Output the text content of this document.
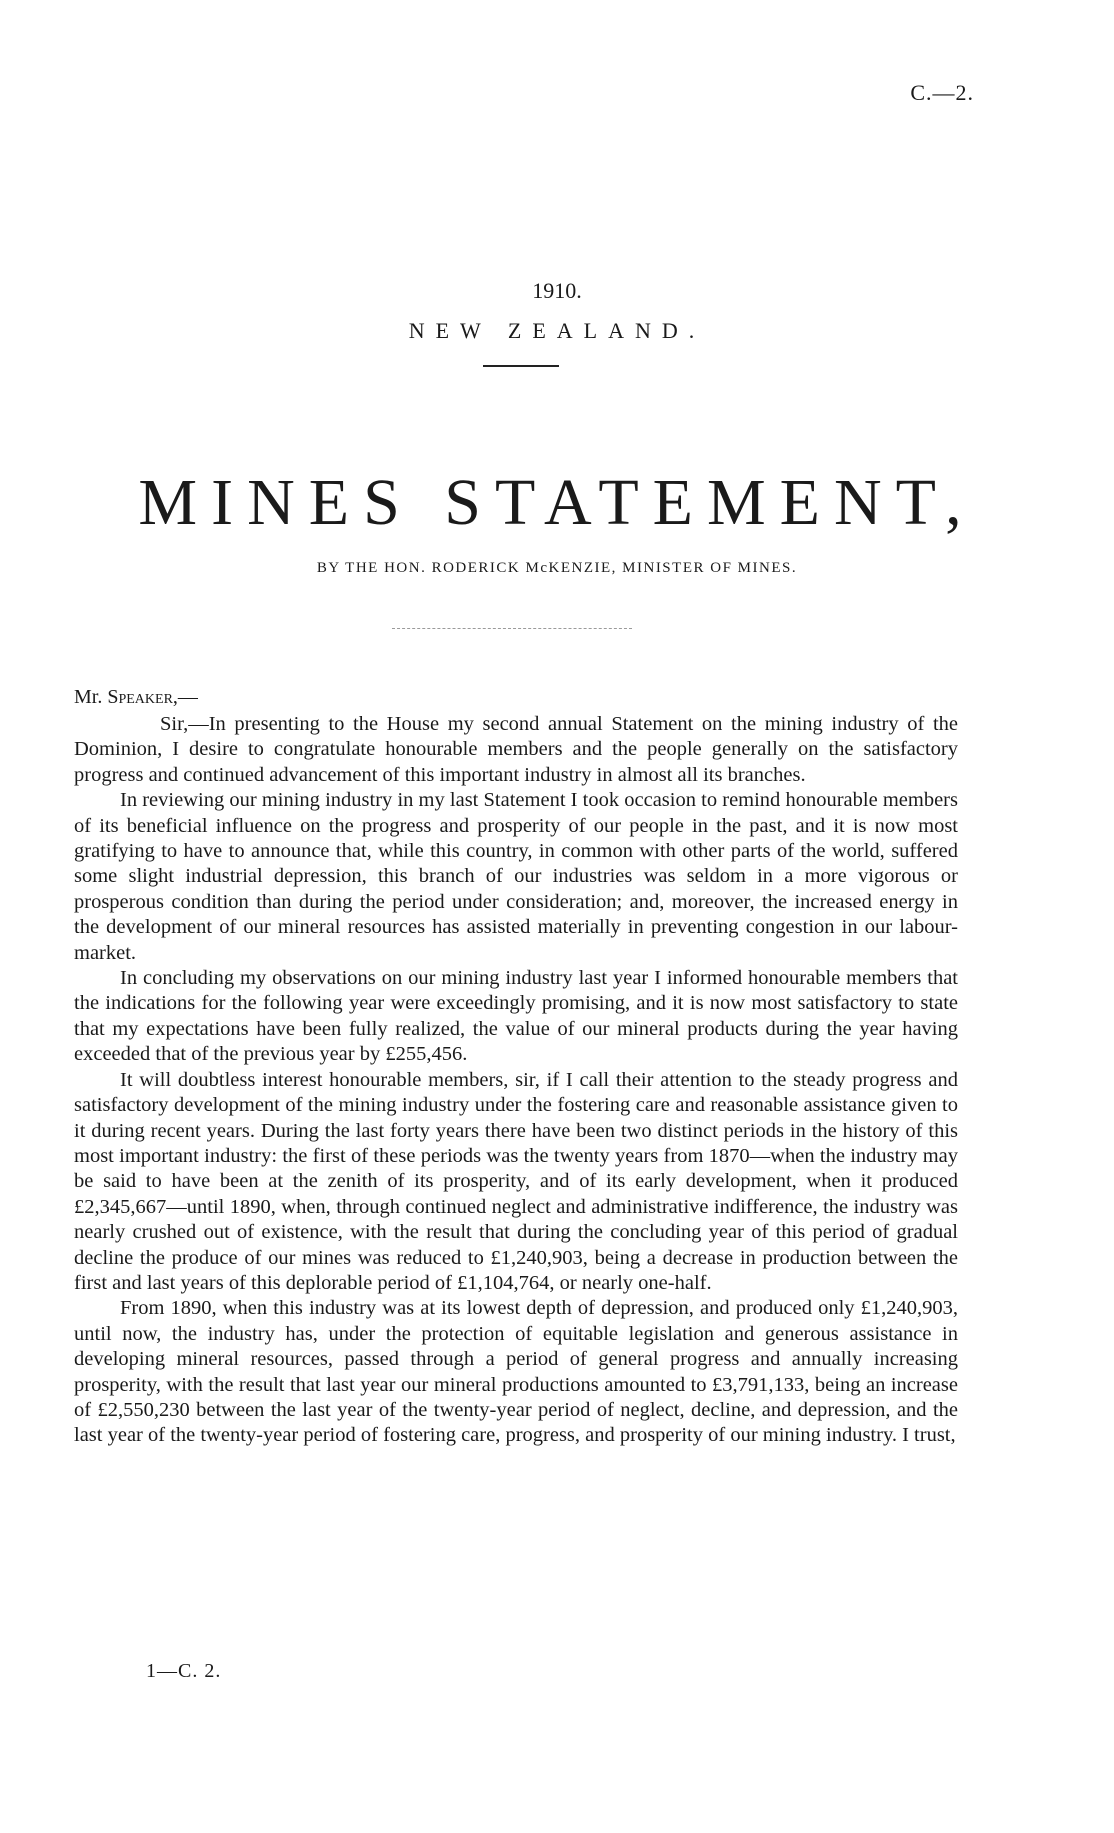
C.—2.
1910.
NEW ZEALAND.
MINES STATEMENT,
BY THE HON. RODERICK McKENZIE, MINISTER OF MINES.
Mr. Speaker,—

Sir,—In presenting to the House my second annual Statement on the mining industry of the Dominion, I desire to congratulate honourable members and the people generally on the satisfactory progress and continued advancement of this important industry in almost all its branches.

In reviewing our mining industry in my last Statement I took occasion to remind honourable members of its beneficial influence on the progress and prosperity of our people in the past, and it is now most gratifying to have to announce that, while this country, in common with other parts of the world, suffered some slight industrial depression, this branch of our industries was seldom in a more vigorous or prosperous condition than during the period under consideration; and, moreover, the increased energy in the development of our mineral resources has assisted materially in preventing congestion in our labour-market.

In concluding my observations on our mining industry last year I informed honourable members that the indications for the following year were exceedingly promising, and it is now most satisfactory to state that my expectations have been fully realized, the value of our mineral products during the year having exceeded that of the previous year by £255,456.

It will doubtless interest honourable members, sir, if I call their attention to the steady progress and satisfactory development of the mining industry under the fostering care and reasonable assistance given to it during recent years. During the last forty years there have been two distinct periods in the history of this most important industry: the first of these periods was the twenty years from 1870—when the industry may be said to have been at the zenith of its prosperity, and of its early development, when it produced £2,345,667—until 1890, when, through continued neglect and administrative indifference, the industry was nearly crushed out of existence, with the result that during the concluding year of this period of gradual decline the produce of our mines was reduced to £1,240,903, being a decrease in production between the first and last years of this deplorable period of £1,104,764, or nearly one-half.

From 1890, when this industry was at its lowest depth of depression, and produced only £1,240,903, until now, the industry has, under the protection of equitable legislation and generous assistance in developing mineral resources, passed through a period of general progress and annually increasing prosperity, with the result that last year our mineral productions amounted to £3,791,133, being an increase of £2,550,230 between the last year of the twenty-year period of neglect, decline, and depression, and the last year of the twenty-year period of fostering care, progress, and prosperity of our mining industry. I trust,

1—C. 2.
